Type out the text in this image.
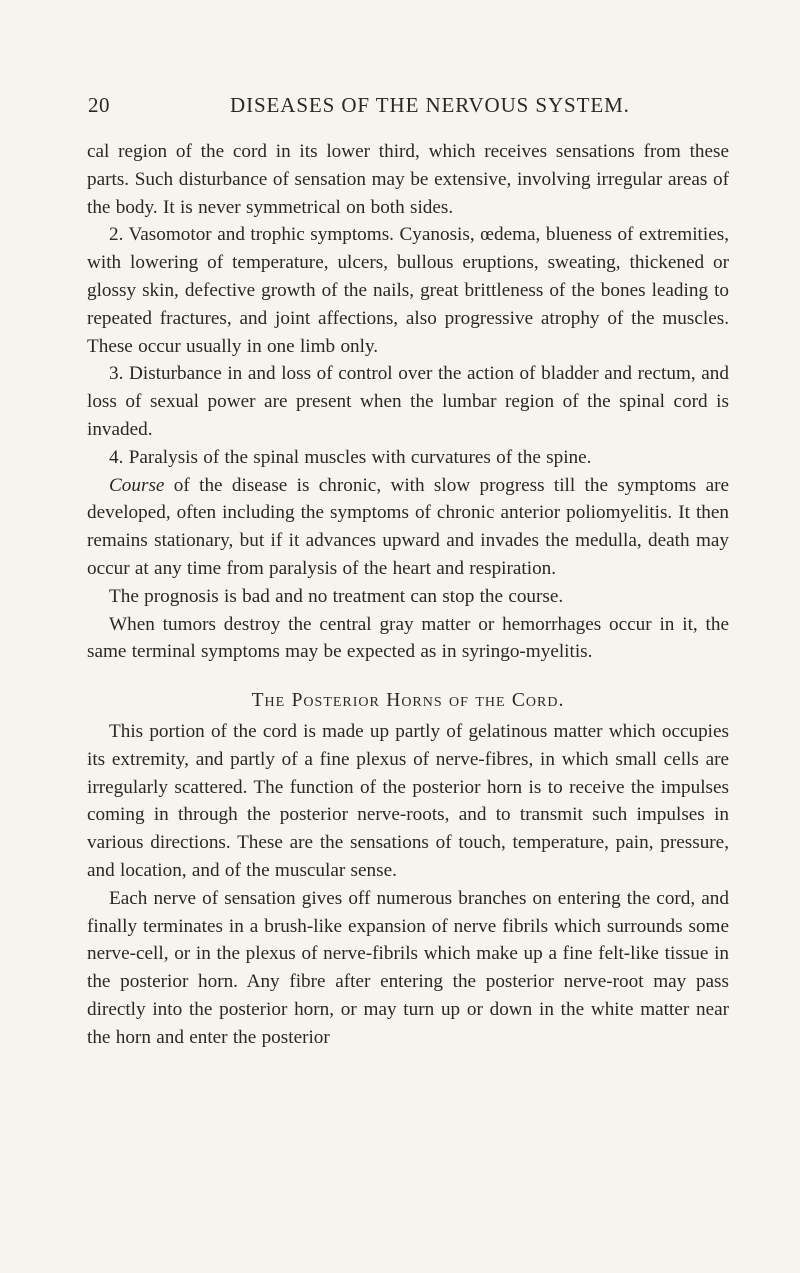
20	DISEASES OF THE NERVOUS SYSTEM.

cal region of the cord in its lower third, which receives sensations from these parts. Such disturbance of sensation may be extensive, involving irregular areas of the body. It is never symmetrical on both sides.

2. Vasomotor and trophic symptoms. Cyanosis, œdema, blueness of extremities, with lowering of temperature, ulcers, bullous eruptions, sweating, thickened or glossy skin, defective growth of the nails, great brittleness of the bones leading to repeated fractures, and joint affections, also progressive atrophy of the muscles. These occur usually in one limb only.

3. Disturbance in and loss of control over the action of bladder and rectum, and loss of sexual power are present when the lumbar region of the spinal cord is invaded.

4. Paralysis of the spinal muscles with curvatures of the spine.

Course of the disease is chronic, with slow progress till the symptoms are developed, often including the symptoms of chronic anterior poliomyelitis. It then remains stationary, but if it advances upward and invades the medulla, death may occur at any time from paralysis of the heart and respiration.

The prognosis is bad and no treatment can stop the course.

When tumors destroy the central gray matter or hemorrhages occur in it, the same terminal symptoms may be expected as in syringo-myelitis.

The Posterior Horns of the Cord.

This portion of the cord is made up partly of gelatinous matter which occupies its extremity, and partly of a fine plexus of nerve-fibres, in which small cells are irregularly scattered. The function of the posterior horn is to receive the impulses coming in through the posterior nerve-roots, and to transmit such impulses in various directions. These are the sensations of touch, temperature, pain, pressure, and location, and of the muscular sense.

Each nerve of sensation gives off numerous branches on entering the cord, and finally terminates in a brush-like expansion of nerve fibrils which surrounds some nerve-cell, or in the plexus of nerve-fibrils which make up a fine felt-like tissue in the posterior horn. Any fibre after entering the posterior nerve-root may pass directly into the posterior horn, or may turn up or down in the white matter near the horn and enter the posterior
